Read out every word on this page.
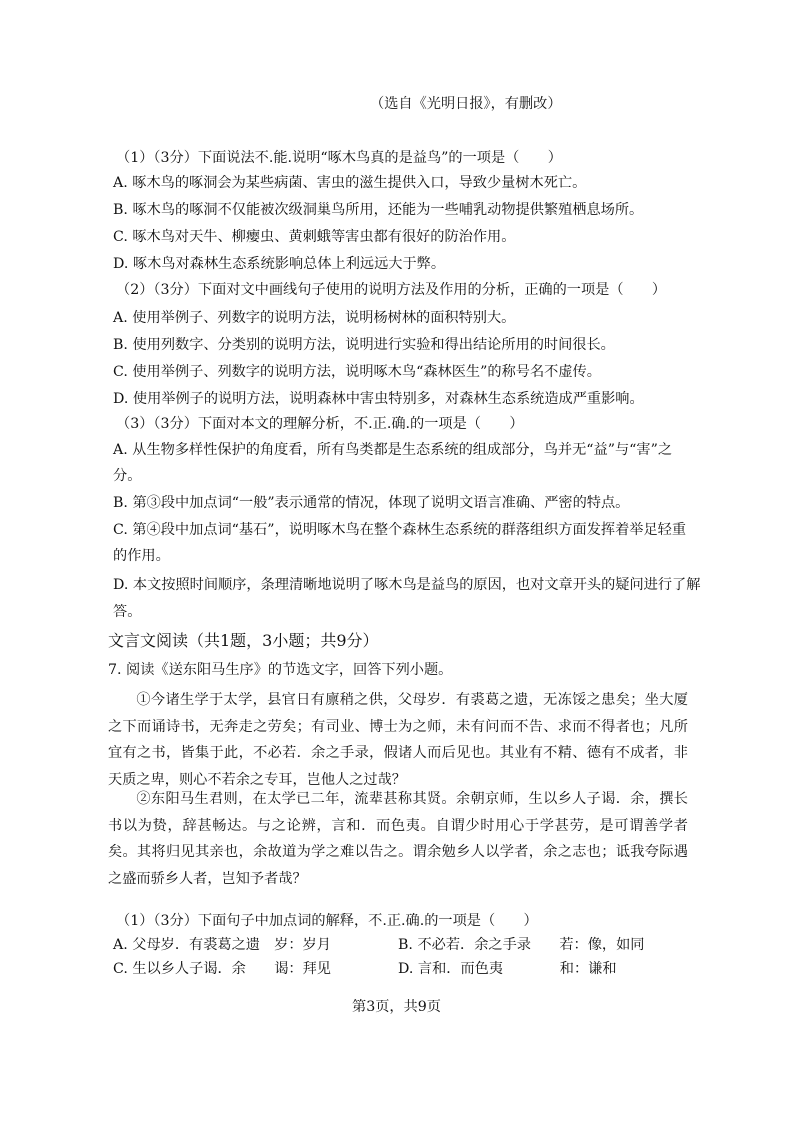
（选自《光明日报》，有删改）
（1）（3分）下面说法不.能.说明“啄木鸟真的是益鸟”的一项是（　　）
A. 啄木鸟的啄洞会为某些病菌、害虫的滋生提供入口，导致少量树木死亡。
B. 啄木鸟的啄洞不仅能被次级洞巢鸟所用，还能为一些哺乳动物提供繁殖栖息场所。
C. 啄木鸟对天牛、柳瘿虫、黄刺蛾等害虫都有很好的防治作用。
D. 啄木鸟对森林生态系统影响总体上利远远大于弊。
（2）（3分）下面对文中画线句子使用的说明方法及作用的分析，正确的一项是（　　）
A. 使用举例子、列数字的说明方法，说明杨树林的面积特别大。
B. 使用列数字、分类别的说明方法，说明进行实验和得出结论所用的时间很长。
C. 使用举例子、列数字的说明方法，说明啄木鸟“森林医生”的称号名不虚传。
D. 使用举例子的说明方法，说明森林中害虫特别多，对森林生态系统造成严重影响。
（3）（3分）下面对本文的理解分析，不.正.确.的一项是（　　）
A. 从生物多样性保护的角度看，所有鸟类都是生态系统的组成部分，鸟并无“益”与“害”之
分。
B. 第③段中加点词“一般”表示通常的情况，体现了说明文语言准确、严密的特点。
C. 第④段中加点词“基石”，说明啄木鸟在整个森林生态系统的群落组织方面发挥着举足轻重
的作用。
D. 本文按照时间顺序，条理清晰地说明了啄木鸟是益鸟的原因，也对文章开头的疑问进行了解
答。
文言文阅读（共1题，3小题；共9分）
7. 阅读《送东阳马生序》的节选文字，回答下列小题。
①今诸生学于太学，县官日有廪稍之供，父母岁．有裘葛之遗，无冻馁之患矣；坐大厦之下而诵诗书，无奔走之劳矣；有司业、博士为之师，未有问而不告、求而不得者也；凡所宜有之书，皆集于此，不必若．余之手录，假诸人而后见也。其业有不精、德有不成者，非天质之卑，则心不若余之专耳，岂他人之过哉？
②东阳马生君则，在太学已二年，流辈甚称其贤。余朝京师，生以乡人子谒．余，撰长书以为贽，辞甚畅达。与之论辨，言和．而色夷。自谓少时用心于学甚劳，是可谓善学者矣。其将归见其亲也，余故道为学之难以告之。谓余勉乡人以学者，余之志也；诋我夸际遇之盛而骄乡人者，岂知予者哉？
（1）（3分）下面句子中加点词的解释，不.正.确.的一项是（　　）
A. 父母岁．有裘葛之遗　岁：岁月	B. 不必若．余之手录　　若：像，如同
C. 生以乡人子谒．余　　谒：拜见	D. 言和．而色夷　　　　和：谦和
第3页，共9页
